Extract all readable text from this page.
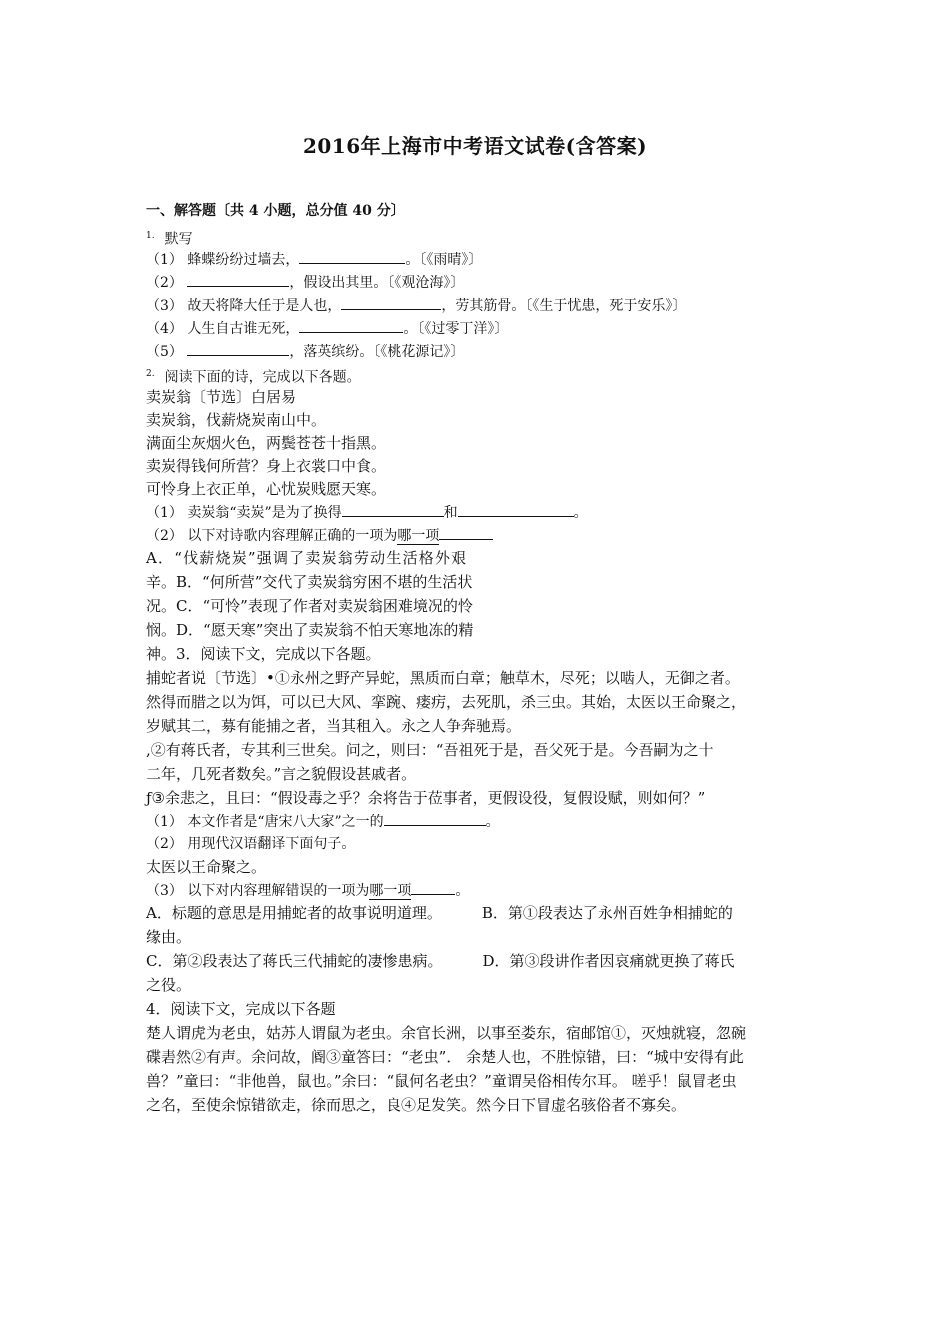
2016年上海市中考语文试卷(含答案)
一、解答题〔共 4 小题，总分值 40 分〕
$^{1.}$ 默写
（1） 蜂蝶纷纷过墙去，	。〔《雨晴》〕
（2）	，假设出其里。〔《观沧海》〕
（3） 故天将降大任于是人也，	，劳其筋骨。〔《生于忧患，死于安乐》〕
（4） 人生自古谁无死，	。〔《过零丁洋》〕
（5）	，落英缤纷。〔《桃花源记》〕
$^{2.}$ 阅读下面的诗，完成以下各题。
卖炭翁〔节选〕白居易
卖炭翁，伐薪烧炭南山中。
满面尘灰烟火色，两鬓苍苍十指黑。
卖炭得钱何所营？身上衣裳口中食。
可怜身上衣正单，心忧炭贱愿天寒。
（1） 卖炭翁“卖炭”是为了换得	和	。
（2） 以下对诗歌内容理解正确的一项为哪一项
A．“伐薪烧炭”强调了卖炭翁劳动生活格外艰
辛。B．“何所营”交代了卖炭翁穷困不堪的生活状
况。C．“可怜”表现了作者对卖炭翁困难境况的怜
悯。D．“愿天寒”突出了卖炭翁不怕天寒地冻的精
神。3．阅读下文，完成以下各题。
捕蛇者说〔节选〕•①永州之野产异蛇，黑质而白章；触草木，尽死；以啮人，无御之者。
然得而腊之以为饵，可以已大风、挛踠、瘘疠，去死肌，杀三虫。其始，太医以王命聚之，
岁赋其二，募有能捕之者，当其租入。永之人争奔驰焉。
,②有蒋氏者，专其利三世矣。问之，则曰：“吾祖死于是，吾父死于是。今吾嗣为之十
二年，几死者数矣。”言之貌假设甚戚者。
ƒ③余悲之，且曰：“假设毒之乎？余将告于莅事者，更假设役，复假设赋，则如何？”
（1） 本文作者是“唐宋八大家”之一的	。
（2） 用现代汉语翻译下面句子。
太医以王命聚之。
（3） 以下对内容理解错误的一项为哪一项	。
A．标题的意思是用捕蛇者的故事说明道理。	B．第①段表达了永州百姓争相捕蛇的
缘由。
C．第②段表达了蒋氏三代捕蛇的凄惨患病。	D．第③段讲作者因哀痛就更换了蒋氏
之役。
4．阅读下文，完成以下各题
楚人谓虎为老虫，姑苏人谓鼠为老虫。余官长洲，以事至娄东，宿邮馆①，灭烛就寝，忽碗
碟砉然②有声。余问故，阍③童答曰：“老虫”． 余楚人也，不胜惊错，曰：“城中安得有此
兽？”童曰：“非他兽，鼠也。”余曰：“鼠何名老虫？”童谓吴俗相传尔耳。 嗟乎！鼠冒老虫
之名，至使余惊错欲走，徐而思之，良④足发笑。然今日下冒虚名骇俗者不寡矣。
